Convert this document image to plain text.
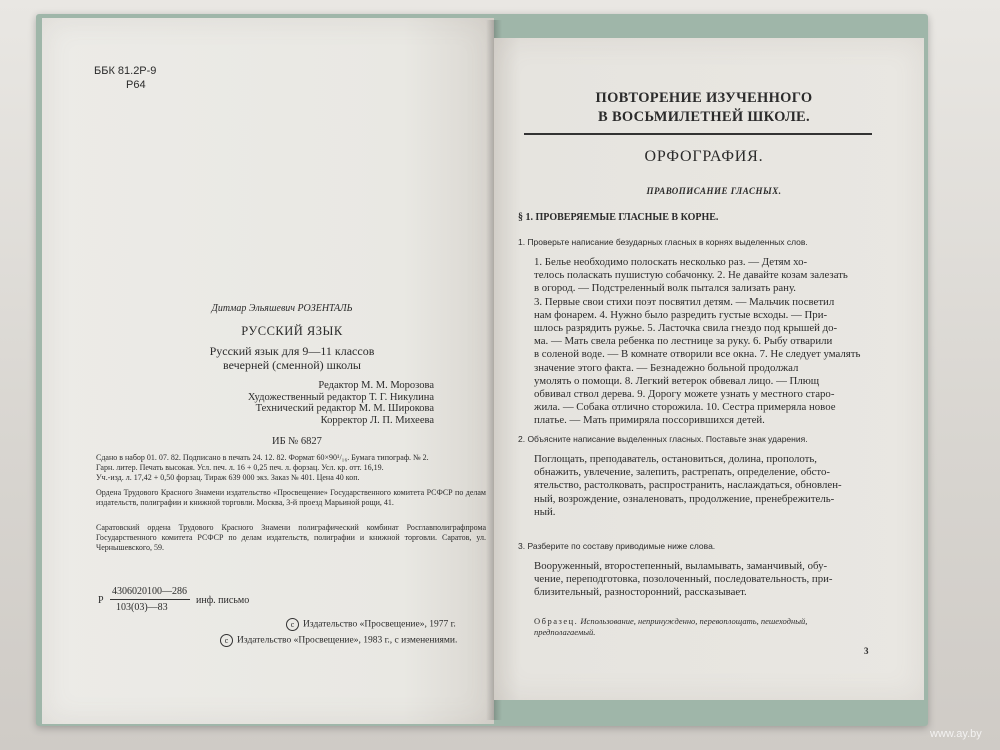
ББК 81.2Р-9
Р64
Дитмар Эльяшевич РОЗЕНТАЛЬ
РУССКИЙ ЯЗЫК
Русский язык для 9—11 классов
вечерней (сменной) школы
Редактор М. М. Морозова
Художественный редактор Т. Г. Никулина
Технический редактор М. М. Широкова
Корректор Л. П. Михеева
ИБ № 6827
Сдано в набор 01. 07. 82. Подписано в печать 24. 12. 82. Формат 60×90¹/₁₆. Бумага типограф. № 2.
Гарн. литер. Печать высокая. Усл. печ. л. 16 + 0,25 печ. л. форзац. Усл. кр. отт. 16,19.
Уч.-изд. л. 17,42 + 0,50 форзац. Тираж 639 000 экз. Заказ № 401. Цена 40 коп.
Ордена Трудового Красного Знамени издательство «Просвещение» Государственного комитета РСФСР по делам издательств, полиграфии и книжной торговли. Москва, 3-й проезд Марьиной рощи, 41.
Саратовский ордена Трудового Красного Знамени полиграфический комбинат Росглавполиграфпрома Государственного комитета РСФСР по делам издательств, полиграфии и книжной торговли. Саратов, ул. Чернышевского, 59.
Р
4306020100—286
103(03)—83
инф. письмо
c Издательство «Просвещение», 1977 г.
c Издательство «Просвещение», 1983 г., с изменениями.
ПОВТОРЕНИЕ ИЗУЧЕННОГО
В ВОСЬМИЛЕТНЕЙ ШКОЛЕ.
ОРФОГРАФИЯ.
ПРАВОПИСАНИЕ ГЛАСНЫХ.
§ 1. ПРОВЕРЯЕМЫЕ ГЛАСНЫЕ В КОРНЕ.
1. Проверьте написание безударных гласных в корнях выделенных слов.
1. Белье необходимо полоскать несколько раз. — Детям хо-
телось поласкать пушистую собачонку. 2. Не давайте козам залезать
в огород. — Подстреленный волк пытался зализать рану.
3. Первые свои стихи поэт посвятил детям. — Мальчик посветил
нам фонарем. 4. Нужно было разредить густые всходы. — При-
шлось разрядить ружье. 5. Ласточка свила гнездо под крышей до-
ма. — Мать свела ребенка по лестнице за руку. 6. Рыбу отварили
в соленой воде. — В комнате отворили все окна. 7. Не следует умалять
значение этого факта. — Безнадежно больной продолжал
умолять о помощи. 8. Легкий ветерок обвевал лицо. — Плющ
обвивал ствол дерева. 9. Дорогу можете узнать у местного старо-
жила. — Собака отлично сторожила. 10. Сестра примеряла новое
платье. — Мать примиряла поссорившихся детей.
2. Объясните написание выделенных гласных. Поставьте знак ударения.
Поглощать, преподаватель, остановиться, долина, прополоть,
обнажить, увлечение, залепить, растрепать, определение, обсто-
ятельство, растолковать, распространить, наслаждаться, обновлен-
ный, возрождение, озналеновать, продолжение, пренебрежитель-
ный.
3. Разберите по составу приводимые ниже слова.
Вооруженный, второстепенный, выламывать, заманчивый, обу-
чение, переподготовка, позолоченный, последовательность, при-
близительный, разносторонний, рассказывает.
Образец. Использование, непринужденно, перевоплощать, пешеходный,
предполагаемый.
3
www.ay.by
